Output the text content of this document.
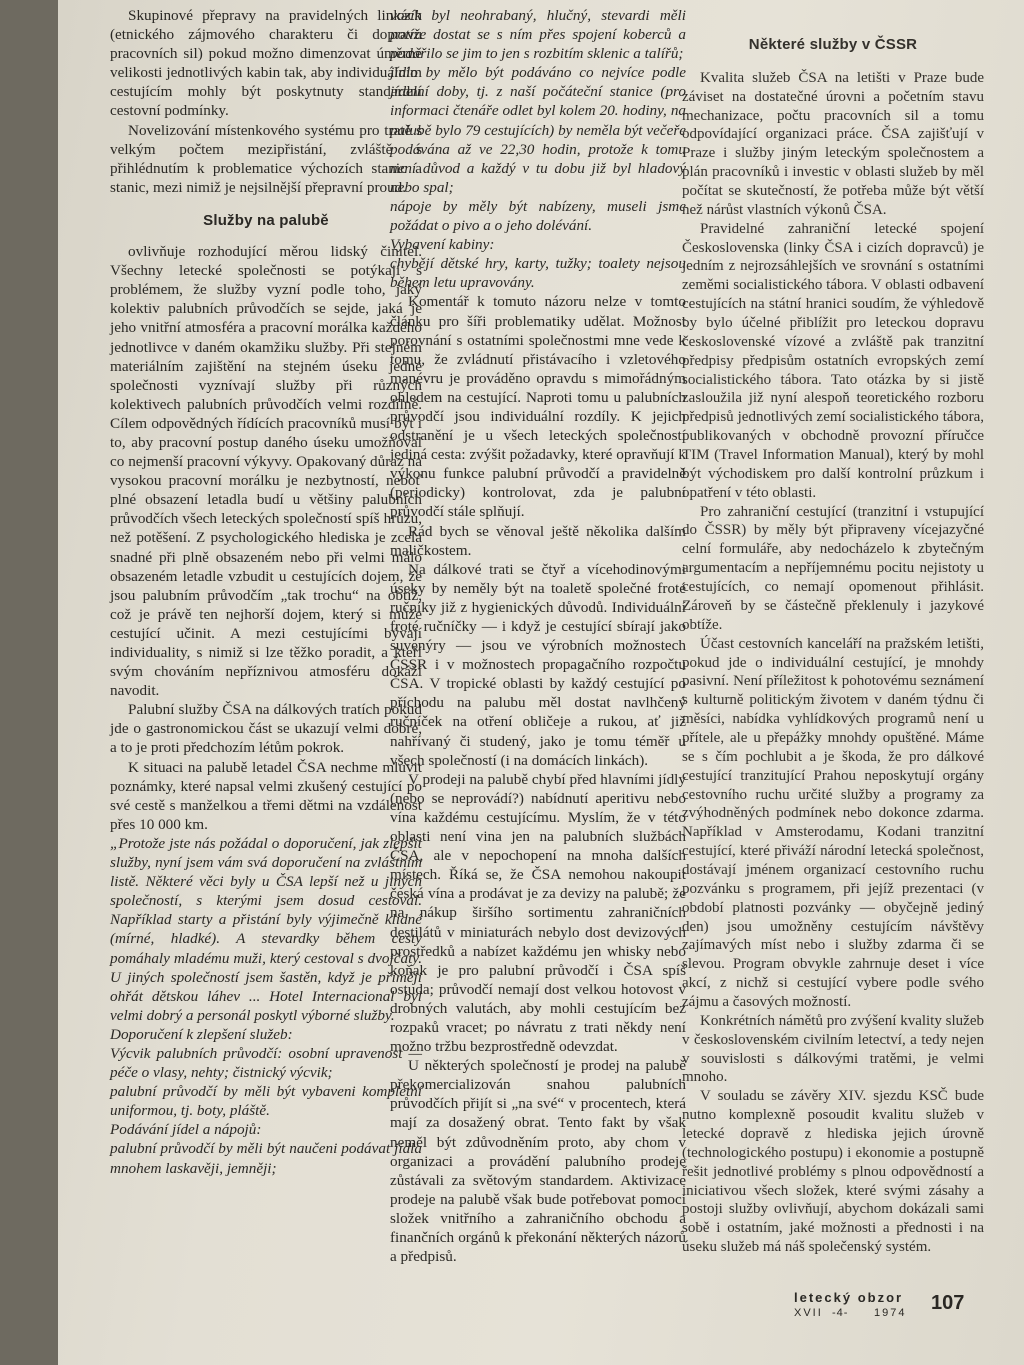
Skupinové přepravy na pravidelných linkách (etnického zájmového charakteru či dopravu pracovních sil) pokud možno dimenzovat úměrně velikosti jednotlivých kabin tak, aby individuálním cestujícím mohly být poskytnuty standardní cestovní podmínky.

Novelizování místenkového systému pro tratě s velkým počtem mezipřistání, zvláště s přihlédnutím k problematice výchozích stanic a stanic, mezi nimiž je nejsilnější přepravní proud.

Služby na palubě

ovlivňuje rozhodující měrou lidský činitel. Všechny letecké společnosti se potýkají s problémem, že služby vyzní podle toho, jaký kolektiv palubních průvodčích se sejde, jaká je jeho vnitřní atmosféra a pracovní morálka každého jednotlivce v daném okamžiku služby. Při stejném materiálním zajištění na stejném úseku jedné společnosti vyznívají služby při různých kolektivech palubních průvodčích velmi rozdílně. Cílem odpovědných řídících pracovníků musí být i to, aby pracovní postup daného úseku umožňoval co nejmenší pracovní výkyvy. Opakovaný důraz na vysokou pracovní morálku je nezbytností, neboť plné obsazení letadla budí u většiny palubních průvodčích všech leteckých společností spíš hrůzu, než potěšení. Z psychologického hlediska je zcela snadné při plně obsazeném nebo při velmi málo obsazeném letadle vzbudit u cestujících dojem, že jsou palubním průvodčím „tak trochu“ na obtíž, což je právě ten nejhorší dojem, který si může cestující učinit. A mezi cestujícími bývají individuality, s nimiž si lze těžko poradit, a kteří svým chováním nepříznivou atmosféru dokáží navodit.

Palubní služby ČSA na dálkových tratích pokud jde o gastronomickou část se ukazují velmi dobré, a to je proti předchozím létům pokrok.

K situaci na palubě letadel ČSA nechme mluvit poznámky, které napsal velmi zkušený cestující po své cestě s manželkou a třemi dětmi na vzdálenost přes 10 000 km.

„Protože jste nás požádal o doporučení, jak zlepšit služby, nyní jsem vám svá doporučení na zvláštním listě. Některé věci byly u ČSA lepší než u jiných společností, s kterými jsem dosud cestoval. Například starty a přistání byly výjimečně klidné (mírné, hladké). A stevardky během cesty pomáhaly mladému muži, který cestoval s dvojčaty. U jiných společností jsem šastěn, když je přiměji ohřát dětskou láhev ... Hotel Internacional byl velmi dobrý a personál poskytl výborné služby.

Doporučení k zlepšení služeb:

Výcvik palubních průvodčí: osobní upravenost — péče o vlasy, nehty; čistnický výcvik;

palubní průvodčí by měli být vybaveni kompletní uniformou, tj. boty, pláště.

Podávání jídel a nápojů:

palubní průvodčí by měli být naučeni podávat jídla mnohem laskavěji, jemněji;

vozík byl neohrabaný, hlučný, stevardi měli potíže dostat se s ním přes spojení koberců a podařilo se jim to jen s rozbitím sklenic a talířů;

jídlo by mělo být podáváno co nejvíce podle jídelní doby, tj. z naší počáteční stanice (pro informaci čtenáře odlet byl kolem 20. hodiny, na palubě bylo 79 cestujících) by neměla být večeře podávána až ve 22,30 hodin, protože k tomu není důvod a každý v tu dobu již byl hladový nebo spal;

nápoje by měly být nabízeny, museli jsme požádat o pivo a o jeho dolévání.

Vybavení kabiny:

chybějí dětské hry, karty, tužky; toalety nejsou během letu upravovány.

Komentář k tomuto názoru nelze v tomto článku pro šíři problematiky udělat. Možnost porovnání s ostatními společnostmi mne vede k tomu, že zvládnutí přistávacího i vzletového manévru je prováděno opravdu s mimořádným ohledem na cestující. Naproti tomu u palubních průvodčí jsou individuální rozdíly. K jejich odstranění je u všech leteckých společností jediná cesta: zvýšit požadavky, které opravňují k výkonu funkce palubní průvodčí a pravidelně (periodicky) kontrolovat, zda je palubní průvodčí stále splňují.

Rád bych se věnoval ještě několika dalším maličkostem.

Na dálkové trati se čtyř a vícehodinovými úseky by neměly být na toaletě společné froté ručníky již z hygienických důvodů. Individuální froté ručníčky — i když je cestující sbírají jako suvenýry — jsou ve výrobních možnostech ČSSR i v možnostech propagačního rozpočtu ČSA. V tropické oblasti by každý cestující po příchodu na palubu měl dostat navlhčený ručníček na otření obličeje a rukou, ať již nahřívaný či studený, jako je tomu téměř u všech společností (i na domácích linkách).

V prodeji na palubě chybí před hlavními jídly (nebo se neprovádí?) nabídnutí aperitivu nebo vína každému cestujícímu. Myslím, že v této oblasti není vina jen na palubních službách ČSA, ale v nepochopení na mnoha dalších místech. Říká se, že ČSA nemohou nakoupit česká vína a prodávat je za devizy na palubě; že na nákup širšího sortimentu zahraničních destilátů v miniaturách nebylo dost devizových prostředků a nabízet každému jen whisky nebo koňak je pro palubní průvodčí i ČSA spíš ostuda; průvodčí nemají dost velkou hotovost v drobných valutách, aby mohli cestujícím bez rozpaků vracet; po návratu z trati někdy není možno tržbu bezprostředně odevzdat.

U některých společností je prodej na palubě překomercializován snahou palubních průvodčích přijít si „na své“ v procentech, která mají za dosažený obrat. Tento fakt by však neměl být zdůvodněním proto, aby chom v organizaci a provádění palubního prodeje zůstávali za světovým standardem. Aktivizace prodeje na palubě však bude potřebovat pomoci složek vnitřního a zahraničního obchodu a finančních orgánů k překonání některých názorů a předpisů.

Některé služby v ČSSR

Kvalita služeb ČSA na letišti v Praze bude záviset na dostatečné úrovni a početním stavu mechanizace, počtu pracovních sil a tomu odpovídající organizaci práce. ČSA zajišťují v Praze i služby jiným leteckým společnostem a plán pracovníků i investic v oblasti služeb by měl počítat se skutečností, že potřeba může být větší než nárůst vlastních výkonů ČSA.

Pravidelné zahraniční letecké spojení Československa (linky ČSA i cizích dopravců) je jedním z nejrozsáhlejších ve srovnání s ostatními zeměmi socialistického tábora. V oblasti odbavení cestujících na státní hranici soudím, že výhledově by bylo účelné přiblížit pro leteckou dopravu československé vízové a zvláště pak tranzitní předpisy předpisům ostatních evropských zemí socialistického tábora. Tato otázka by si jistě zasloužila již nyní alespoň teoretického rozboru předpisů jednotlivých zemí socialistického tábora, publikovaných v obchodně provozní příručce TIM (Travel Information Manual), který by mohl být východiskem pro další kontrolní průzkum i opatření v této oblasti.

Pro zahraniční cestující (tranzitní i vstupující do ČSSR) by měly být připraveny vícejazyčné celní formuláře, aby nedocházelo k zbytečným argumentacím a nepříjemnému pocitu nejistoty u cestujících, co nemají opomenout přihlásit. Zároveň by se částečně překlenuly i jazykové obtíže.

Účast cestovních kanceláří na pražském letišti, pokud jde o individuální cestující, je mnohdy pasivní. Není příležitost k pohotovému seznámení s kulturně politickým životem v daném týdnu či měsíci, nabídka vyhlídkových programů není u přítele, ale u přepážky mnohdy opuštěné. Máme se s čím pochlubit a je škoda, že pro dálkové cestující tranzitující Prahou neposkytují orgány cestovního ruchu určité služby a programy za zvýhodněných podmínek nebo dokonce zdarma. Například v Amsterodamu, Kodani tranzitní cestující, které přiváží národní letecká společnost, dostávají jménem organizací cestovního ruchu pozvánku s programem, při jejíž prezentaci (v období platnosti pozvánky — obyčejně jediný den) jsou umožněny cestujícím návštěvy zajímavých míst nebo i služby zdarma či se slevou. Program obvykle zahrnuje deset i více akcí, z nichž si cestující vybere podle svého zájmu a časových možností.

Konkrétních námětů pro zvýšení kvality služeb v československém civilním letectví, a tedy nejen v souvislosti s dálkovými tratěmi, je velmi mnoho.

V souladu se závěry XIV. sjezdu KSČ bude nutno komplexně posoudit kvalitu služeb v letecké dopravě z hlediska jejich úrovně (technologického postupu) i ekonomie a postupně řešit jednotlivé problémy s plnou odpovědností a iniciativou všech složek, které svými zásahy a postoji služby ovlivňují, abychom dokázali sami sobě i ostatním, jaké možnosti a přednosti i na úseku služeb má náš společenský systém.

letecký obzor
XVII -4- 1974 107
